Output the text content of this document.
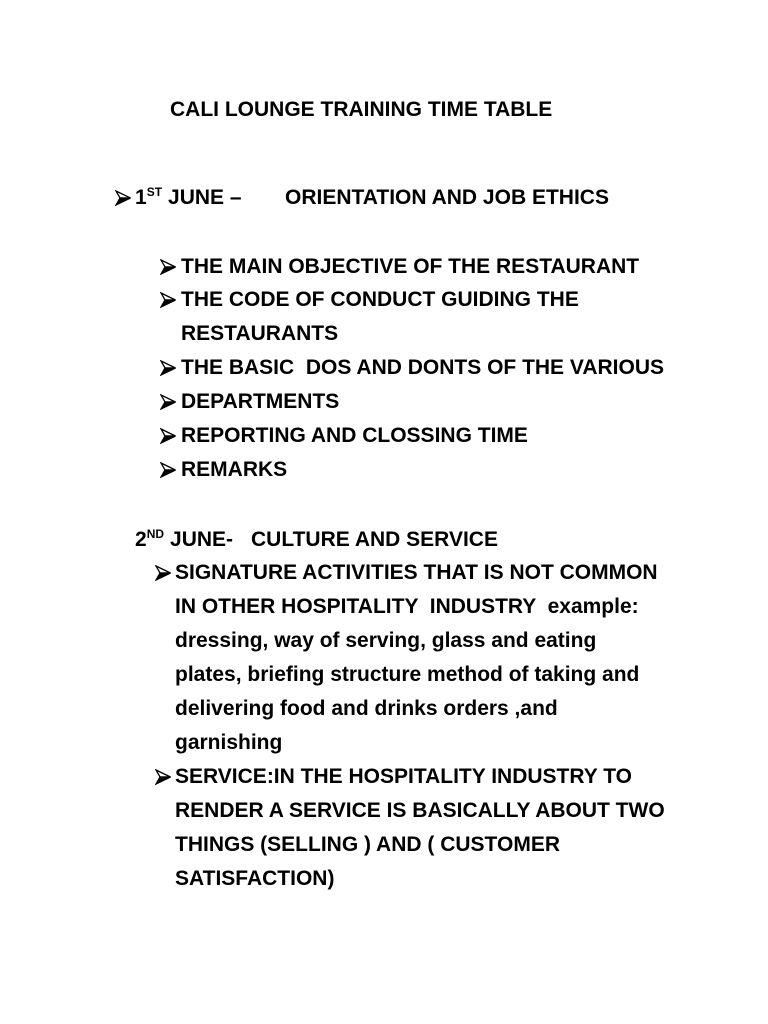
CALI LOUNGE TRAINING TIME TABLE
1ST JUNE – ORIENTATION AND JOB ETHICS
THE MAIN OBJECTIVE OF THE RESTAURANT
THE CODE OF CONDUCT GUIDING THE
RESTAURANTS
THE BASIC  DOS AND DONTS OF THE VARIOUS
DEPARTMENTS
REPORTING AND CLOSSING TIME
REMARKS
2ND JUNE- CULTURE AND SERVICE
SIGNATURE ACTIVITIES THAT IS NOT COMMON
IN OTHER HOSPITALITY  INDUSTRY  example:
dressing, way of serving, glass and eating
plates, briefing structure method of taking and
delivering food and drinks orders ,and
garnishing
SERVICE:IN THE HOSPITALITY INDUSTRY TO
RENDER A SERVICE IS BASICALLY ABOUT TWO
THINGS (SELLING ) AND ( CUSTOMER
SATISFACTION)
